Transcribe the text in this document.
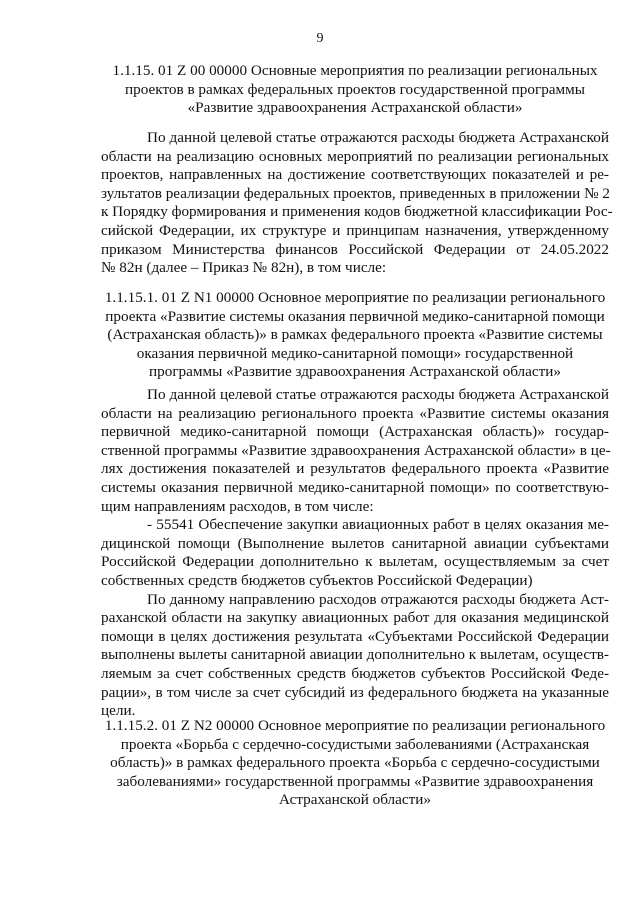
9
1.1.15. 01 Z 00 00000 Основные мероприятия по реализации региональных
проектов в рамках федеральных проектов государственной программы
«Развитие здравоохранения Астраханской области»
По данной целевой статье отражаются расходы бюджета Астраханской
области на реализацию основных мероприятий по реализации региональных
проектов, направленных на достижение соответствующих показателей и ре-
зультатов реализации федеральных проектов, приведенных в приложении № 2
к Порядку формирования и применения кодов бюджетной классификации Рос-
сийской Федерации, их структуре и принципам назначения, утвержденному
приказом Министерства финансов Российской Федерации от 24.05.2022
№ 82н (далее – Приказ № 82н), в том числе:
1.1.15.1. 01 Z N1 00000 Основное мероприятие по реализации регионального
проекта «Развитие системы оказания первичной медико-санитарной помощи
(Астраханская область)» в рамках федерального проекта «Развитие системы
оказания первичной медико-санитарной помощи» государственной
программы «Развитие здравоохранения Астраханской области»
По данной целевой статье отражаются расходы бюджета Астраханской
области на реализацию регионального проекта «Развитие системы оказания
первичной медико-санитарной помощи (Астраханская область)» государ-
ственной программы «Развитие здравоохранения Астраханской области» в це-
лях достижения показателей и результатов федерального проекта «Развитие
системы оказания первичной медико-санитарной помощи» по соответствую-
щим направлениям расходов, в том числе:
- 55541 Обеспечение закупки авиационных работ в целях оказания ме-
дицинской помощи (Выполнение вылетов санитарной авиации субъектами
Российской Федерации дополнительно к вылетам, осуществляемым за счет
собственных средств бюджетов субъектов Российской Федерации)
По данному направлению расходов отражаются расходы бюджета Аст-
раханской области на закупку авиационных работ для оказания медицинской
помощи в целях достижения результата «Субъектами Российской Федерации
выполнены вылеты санитарной авиации дополнительно к вылетам, осуществ-
ляемым за счет собственных средств бюджетов субъектов Российской Феде-
рации», в том числе за счет субсидий из федерального бюджета на указанные
цели.
1.1.15.2. 01 Z N2 00000 Основное мероприятие по реализации регионального
проекта «Борьба с сердечно-сосудистыми заболеваниями (Астраханская
область)» в рамках федерального проекта «Борьба с сердечно-сосудистыми
заболеваниями» государственной программы «Развитие здравоохранения
Астраханской области»
